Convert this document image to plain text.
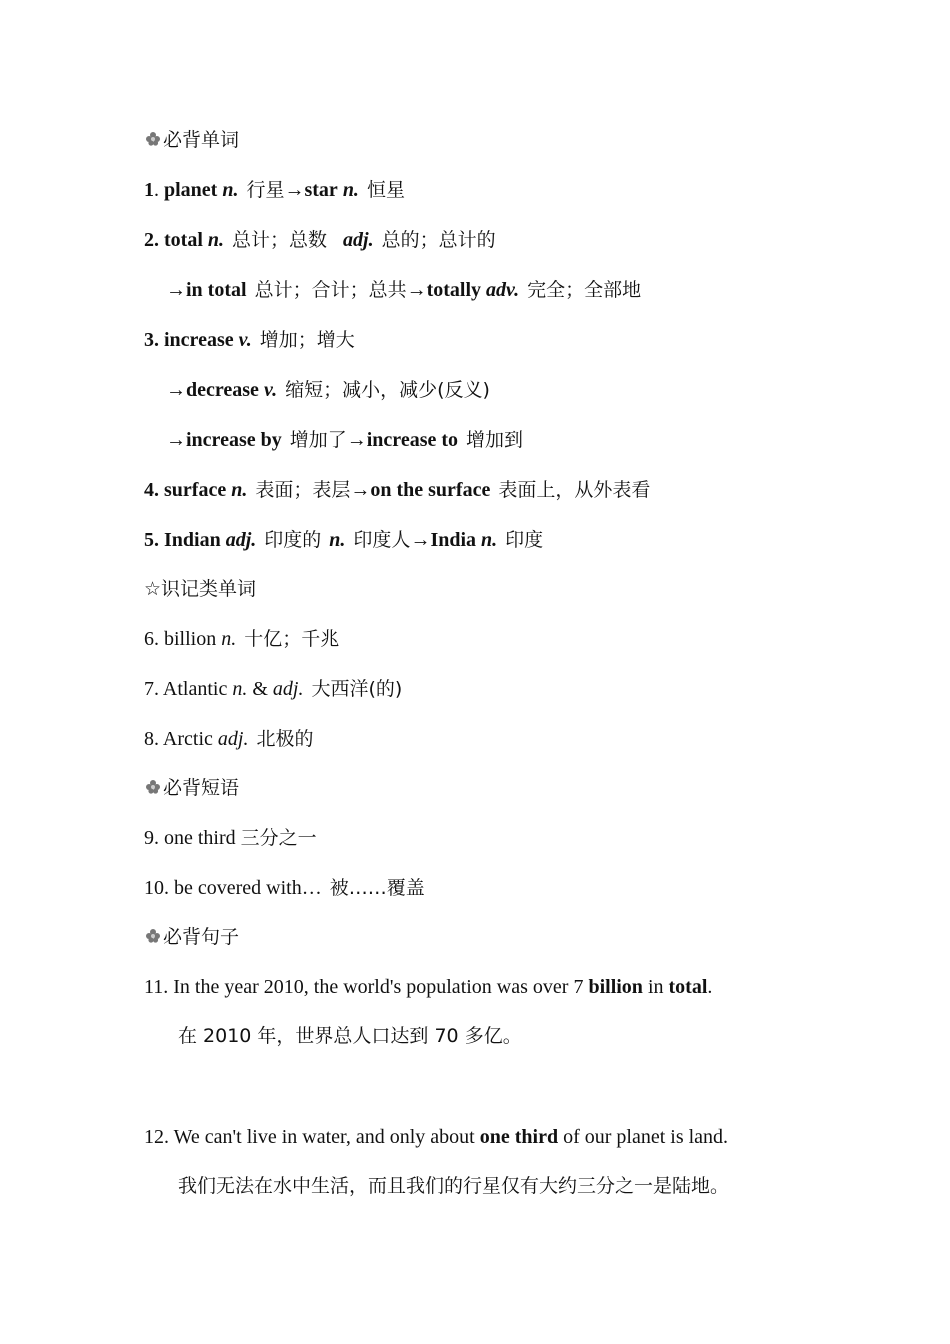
必背单词
1. planet n. 行星→star n. 恒星
2. total n. 总计；总数 adj. 总的；总计的
→in total 总计；合计；总共→totally adv. 完全；全部地
3. increase v. 增加；增大
→decrease v. 缩短；减小，减少(反义)
→increase by 增加了→increase to 增加到
4. surface n. 表面；表层→on the surface 表面上，从外表看
5. Indian adj. 印度的 n. 印度人→India n. 印度
☆识记类单词
6. billion n. 十亿；千兆
7. Atlantic n. & adj. 大西洋(的)
8. Arctic adj. 北极的
必背短语
9. one third 三分之一
10. be covered with… 被……覆盖
必背句子
11. In the year 2010, the world's population was over 7 billion in total.
在 2010 年，世界总人口达到 70 多亿。
12. We can't live in water, and only about one third of our planet is land.
我们无法在水中生活，而且我们的行星仅有大约三分之一是陆地。
